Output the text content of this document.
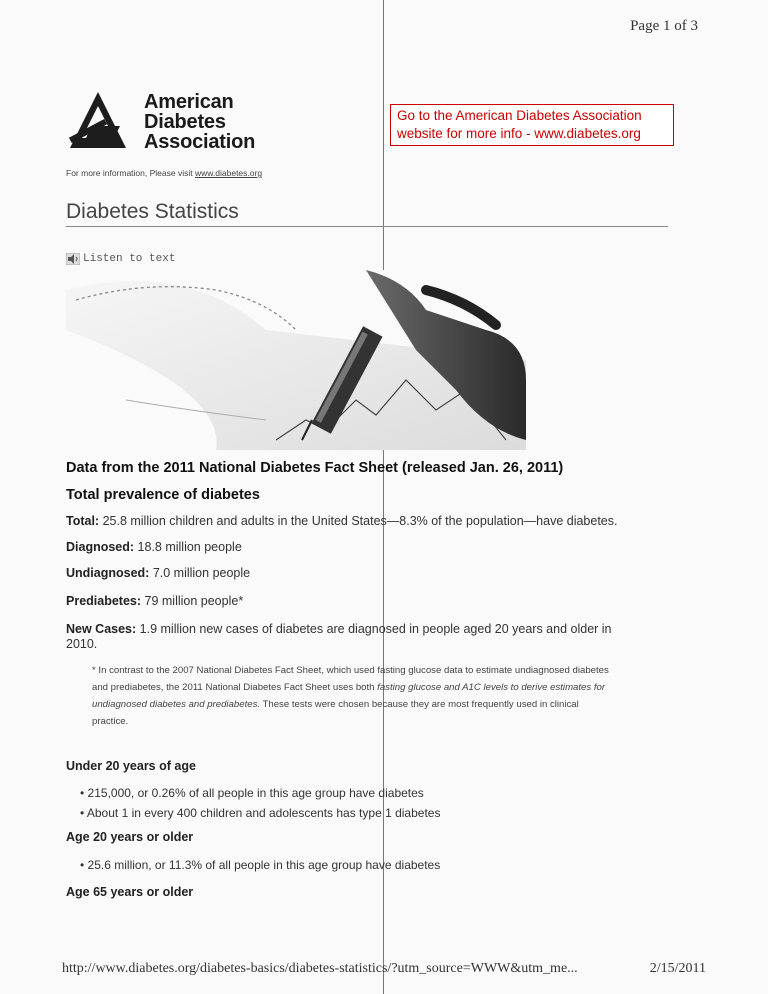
Page 1 of 3
American
Diabetes
Association
Go to the American Diabetes Association
website for more info - www.diabetes.org
For more information, Please visit www.diabetes.org
Diabetes Statistics
Listen to text
Data from the 2011 National Diabetes Fact Sheet (released Jan. 26, 2011)
Total prevalence of diabetes
Total: 25.8 million children and adults in the United States—8.3% of the population—have diabetes.
Diagnosed: 18.8 million people
Undiagnosed: 7.0 million people
Prediabetes: 79 million people*
New Cases: 1.9 million new cases of diabetes are diagnosed in people aged 20 years and older in
2010.
* In contrast to the 2007 National Diabetes Fact Sheet, which used fasting glucose data to estimate undiagnosed diabetes
and prediabetes, the 2011 National Diabetes Fact Sheet uses both fasting glucose and A1C levels to derive estimates for
undiagnosed diabetes and prediabetes. These tests were chosen because they are most frequently used in clinical
practice.
Under 20 years of age
• 215,000, or 0.26% of all people in this age group have diabetes
• About 1 in every 400 children and adolescents has type 1 diabetes
Age 20 years or older
• 25.6 million, or 11.3% of all people in this age group have diabetes
Age 65 years or older
http://www.diabetes.org/diabetes-basics/diabetes-statistics/?utm_source=WWW&utm_me...	2/15/2011
